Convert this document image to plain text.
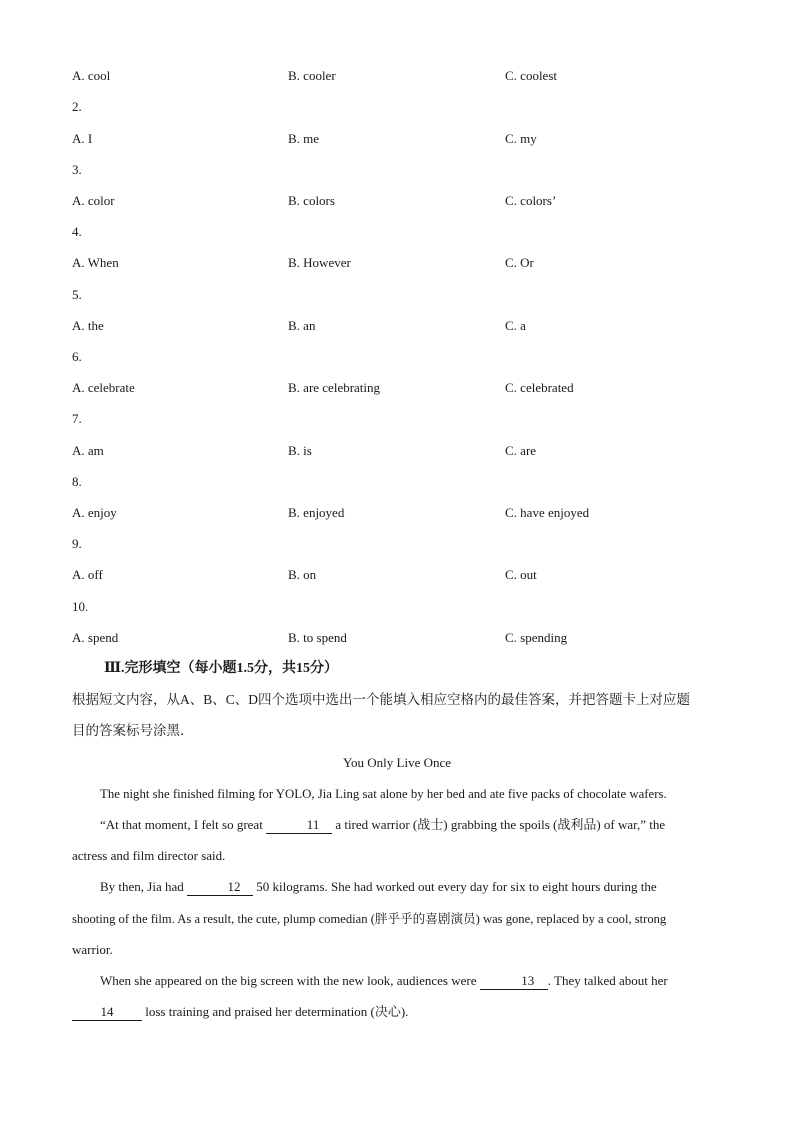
A. cool	B. cooler	C. coolest
2.
A. I	B. me	C. my
3.
A. color	B. colors	C. colors’
4.
A. When	B. However	C. Or
5.
A. the	B. an	C. a
6.
A. celebrate	B. are celebrating	C. celebrated
7.
A. am	B. is	C. are
8.
A. enjoy	B. enjoyed	C. have enjoyed
9.
A. off	B. on	C. out
10.
A. spend	B. to spend	C. spending
Ⅲ.完形填空（每小题1.5分，共15分）
根据短文内容，从A、B、C、D四个选项中选出一个能填入相应空格内的最佳答案，并把答题卡上对应题
目的答案标号涂黑．
You Only Live Once
The night she finished filming for YOLO, Jia Ling sat alone by her bed and ate five packs of chocolate wafers.
“At that moment, I felt so great	11 a tired warrior (战士) grabbing the spoils (战利品) of war,” the
actress and film director said.
By then, Jia had	12 50 kilograms. She had worked out every day for six to eight hours during the
shooting of the film. As a result, the cute, plump comedian (胖乎乎的喜剧演员) was gone, replaced by a cool, strong
warrior.
When she appeared on the big screen with the new look, audiences were	13 . They talked about her
14 loss training and praised her determination (决心).
